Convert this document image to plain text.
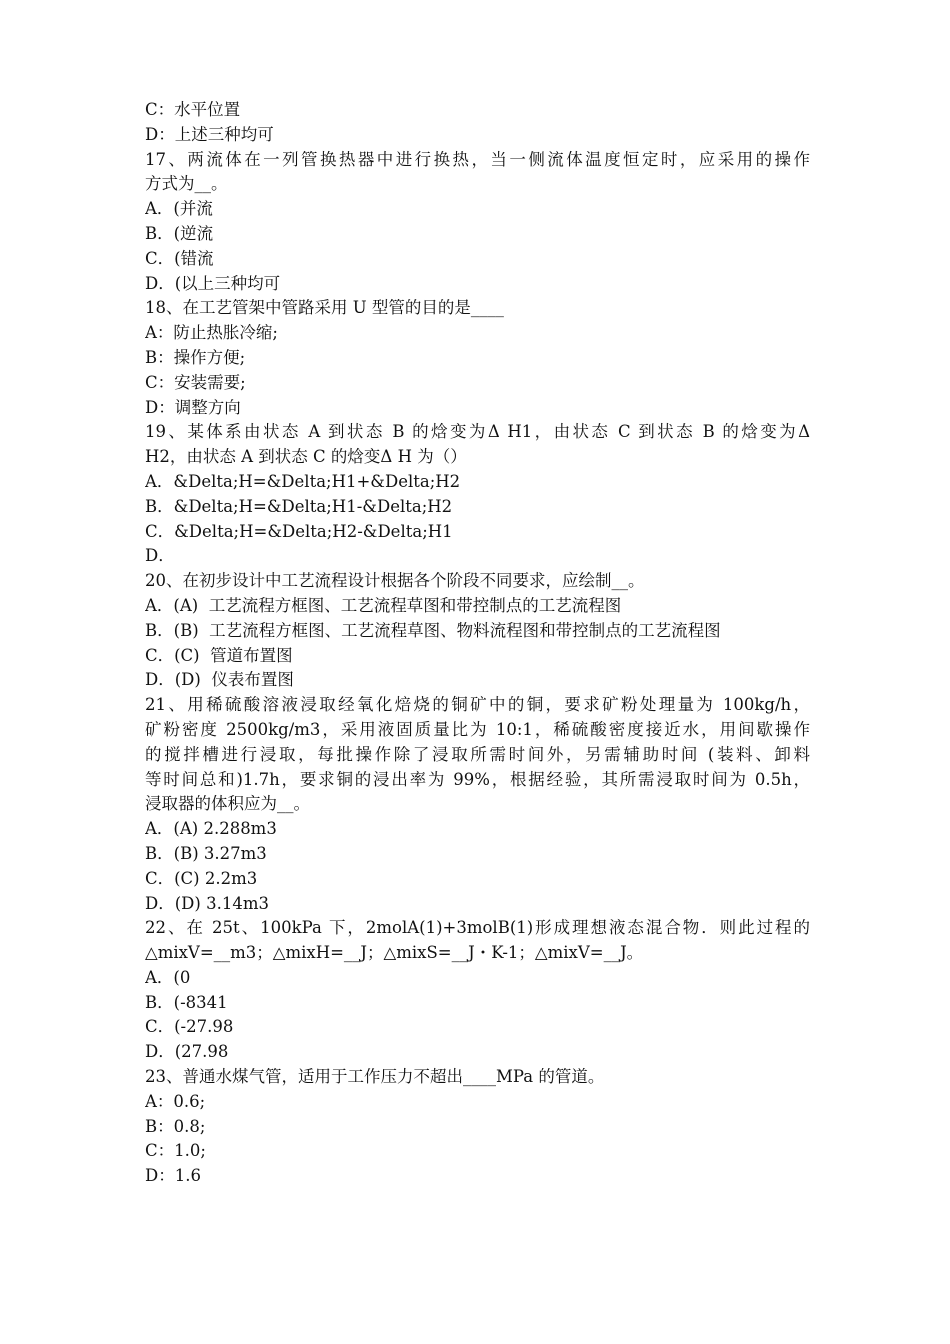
C：水平位置
D：上述三种均可
17、两流体在一列管换热器中进行换热，当一侧流体温度恒定时，应采用的操作
方式为__。
A．(并流
B．(逆流
C．(错流
D．(以上三种均可
18、在工艺管架中管路采用 U 型管的目的是____
A：防止热胀冷缩;
B：操作方便;
C：安装需要;
D：调整方向
19、某体系由状态 A 到状态 B 的焓变为Δ H1，由状态 C 到状态 B 的焓变为Δ
H2，由状态 A 到状态 C 的焓变Δ H 为（）
A．&Delta;H=&Delta;H1+&Delta;H2
B．&Delta;H=&Delta;H1-&Delta;H2
C．&Delta;H=&Delta;H2-&Delta;H1
D．
20、在初步设计中工艺流程设计根据各个阶段不同要求，应绘制__。
A．(A)  工艺流程方框图、工艺流程草图和带控制点的工艺流程图
B．(B)  工艺流程方框图、工艺流程草图、物料流程图和带控制点的工艺流程图
C．(C)  管道布置图
D．(D)  仪表布置图
21、用稀硫酸溶液浸取经氧化焙烧的铜矿中的铜，要求矿粉处理量为 100kg/h，
矿粉密度 2500kg/m3，采用液固质量比为 10:1，稀硫酸密度接近水，用间歇操作
的搅拌槽进行浸取，每批操作除了浸取所需时间外，另需辅助时间 (装料、卸料
等时间总和)1.7h，要求铜的浸出率为 99%，根据经验，其所需浸取时间为 0.5h，
浸取器的体积应为__。
A．(A) 2.288m3
B．(B) 3.27m3
C．(C) 2.2m3
D．(D) 3.14m3
22、在 25t、100kPa 下，2molA(1)+3molB(1)形成理想液态混合物．则此过程的
△mixV=__m3；△mixH=__J；△mixS=__J・K-1；△mixV=__J。
A．(0
B．(-8341
C．(-27.98
D．(27.98
23、普通水煤气管，适用于工作压力不超出____MPa 的管道。
A：0.6;
B：0.8;
C：1.0;
D：1.6
